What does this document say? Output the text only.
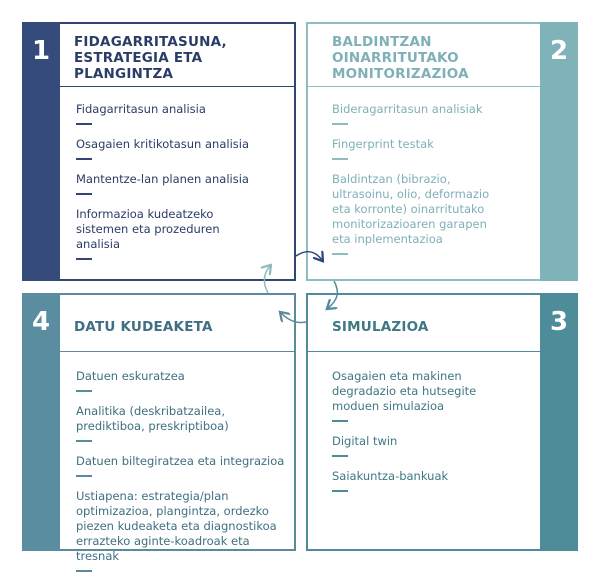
1 FIDAGARRITASUNA,
ESTRATEGIA ETA
PLANGINTZA
Fidagarritasun analisia
Osagaien kritikotasun analisia
Mantentze-lan planen analisia
Informazioa kudeatzeko
sistemen eta prozeduren
analisia
2
BALDINTZAN
OINARRITUTAKO
MONITORIZAZIOA
Bideragarritasun analisiak
Fingerprint testak
Baldintzan (bibrazio,
ultrasoinu, olio, deformazio
eta korronte) oinarritutako
monitorizazioaren garapen
eta inplementazioa
3
SIMULAZIOA
Osagaien eta makinen
degradazio eta hutsegite
moduen simulazioa
Digital twin
Saiakuntza-bankuak
4 DATU KUDEAKETA
Datuen eskuratzea
Analitika (deskribatzailea,
prediktiboa, preskriptiboa)
Datuen biltegiratzea eta integrazioa
Ustiapena: estrategia/plan
optimizazioa, plangintza, ordezko
piezen kudeaketa eta diagnostikoa
errazteko aginte-koadroak eta
tresnak
